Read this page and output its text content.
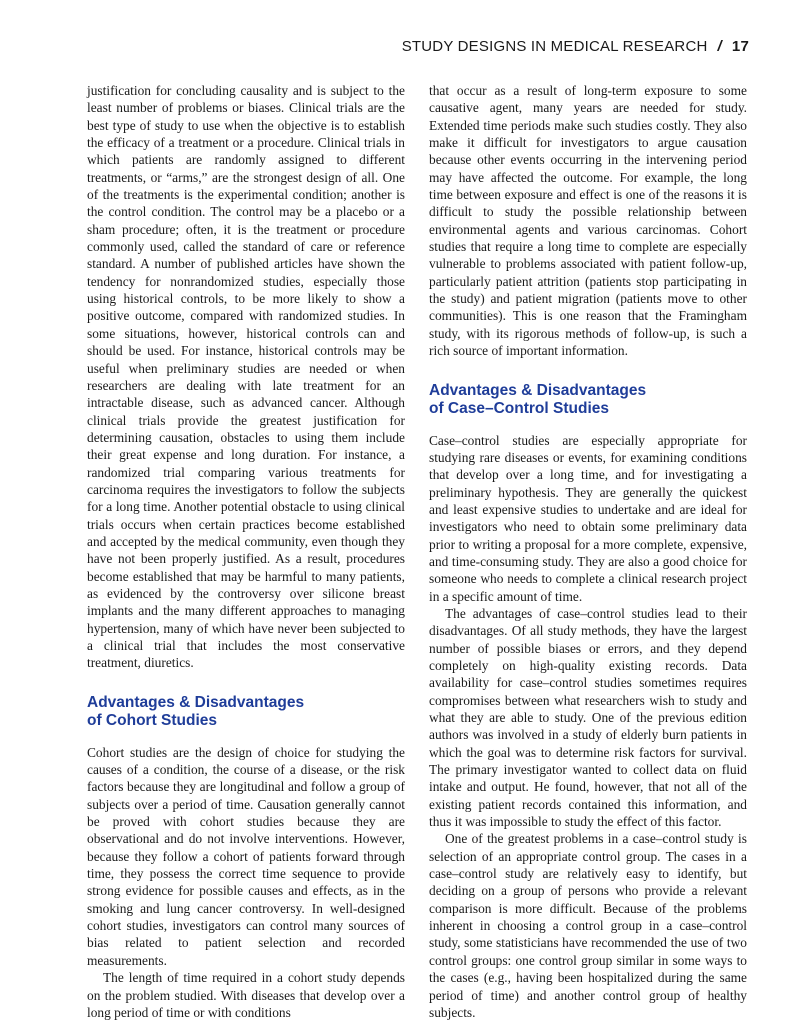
STUDY DESIGNS IN MEDICAL RESEARCH / 17

justification for concluding causality and is subject to the least number of problems or biases. Clinical trials are the best type of study to use when the objective is to establish the efficacy of a treatment or a procedure. Clinical trials in which patients are randomly assigned to different treatments, or “arms,” are the strongest design of all. One of the treatments is the experimental condition; another is the control condition. The control may be a placebo or a sham procedure; often, it is the treatment or procedure commonly used, called the standard of care or reference standard. A number of published articles have shown the tendency for nonrandomized studies, especially those using historical controls, to be more likely to show a positive outcome, compared with randomized studies. In some situations, however, historical controls can and should be used. For instance, historical controls may be useful when preliminary studies are needed or when researchers are dealing with late treatment for an intractable disease, such as advanced cancer. Although clinical trials provide the greatest justification for determining causation, obstacles to using them include their great expense and long duration. For instance, a randomized trial comparing various treatments for carcinoma requires the investigators to follow the subjects for a long time. Another potential obstacle to using clinical trials occurs when certain practices become established and accepted by the medical community, even though they have not been properly justified. As a result, procedures become established that may be harmful to many patients, as evidenced by the controversy over silicone breast implants and the many different approaches to managing hypertension, many of which have never been subjected to a clinical trial that includes the most conservative treatment, diuretics.

Advantages & Disadvantages
of Cohort Studies

Cohort studies are the design of choice for studying the causes of a condition, the course of a disease, or the risk factors because they are longitudinal and follow a group of subjects over a period of time. Causation generally cannot be proved with cohort studies because they are observational and do not involve interventions. However, because they follow a cohort of patients forward through time, they possess the correct time sequence to provide strong evidence for possible causes and effects, as in the smoking and lung cancer controversy. In well-designed cohort studies, investigators can control many sources of bias related to patient selection and recorded measurements.

The length of time required in a cohort study depends on the problem studied. With diseases that develop over a long period of time or with conditions

that occur as a result of long-term exposure to some causative agent, many years are needed for study. Extended time periods make such studies costly. They also make it difficult for investigators to argue causation because other events occurring in the intervening period may have affected the outcome. For example, the long time between exposure and effect is one of the reasons it is difficult to study the possible relationship between environmental agents and various carcinomas. Cohort studies that require a long time to complete are especially vulnerable to problems associated with patient follow-up, particularly patient attrition (patients stop participating in the study) and patient migration (patients move to other communities). This is one reason that the Framingham study, with its rigorous methods of follow-up, is such a rich source of important information.

Advantages & Disadvantages
of Case–Control Studies

Case–control studies are especially appropriate for studying rare diseases or events, for examining conditions that develop over a long time, and for investigating a preliminary hypothesis. They are generally the quickest and least expensive studies to undertake and are ideal for investigators who need to obtain some preliminary data prior to writing a proposal for a more complete, expensive, and time-consuming study. They are also a good choice for someone who needs to complete a clinical research project in a specific amount of time.

The advantages of case–control studies lead to their disadvantages. Of all study methods, they have the largest number of possible biases or errors, and they depend completely on high-quality existing records. Data availability for case–control studies sometimes requires compromises between what researchers wish to study and what they are able to study. One of the previous edition authors was involved in a study of elderly burn patients in which the goal was to determine risk factors for survival. The primary investigator wanted to collect data on fluid intake and output. He found, however, that not all of the existing patient records contained this information, and thus it was impossible to study the effect of this factor.

One of the greatest problems in a case–control study is selection of an appropriate control group. The cases in a case–control study are relatively easy to identify, but deciding on a group of persons who provide a relevant comparison is more difficult. Because of the problems inherent in choosing a control group in a case–control study, some statisticians have recommended the use of two control groups: one control group similar in some ways to the cases (e.g., having been hospitalized during the same period of time) and another control group of healthy subjects.
